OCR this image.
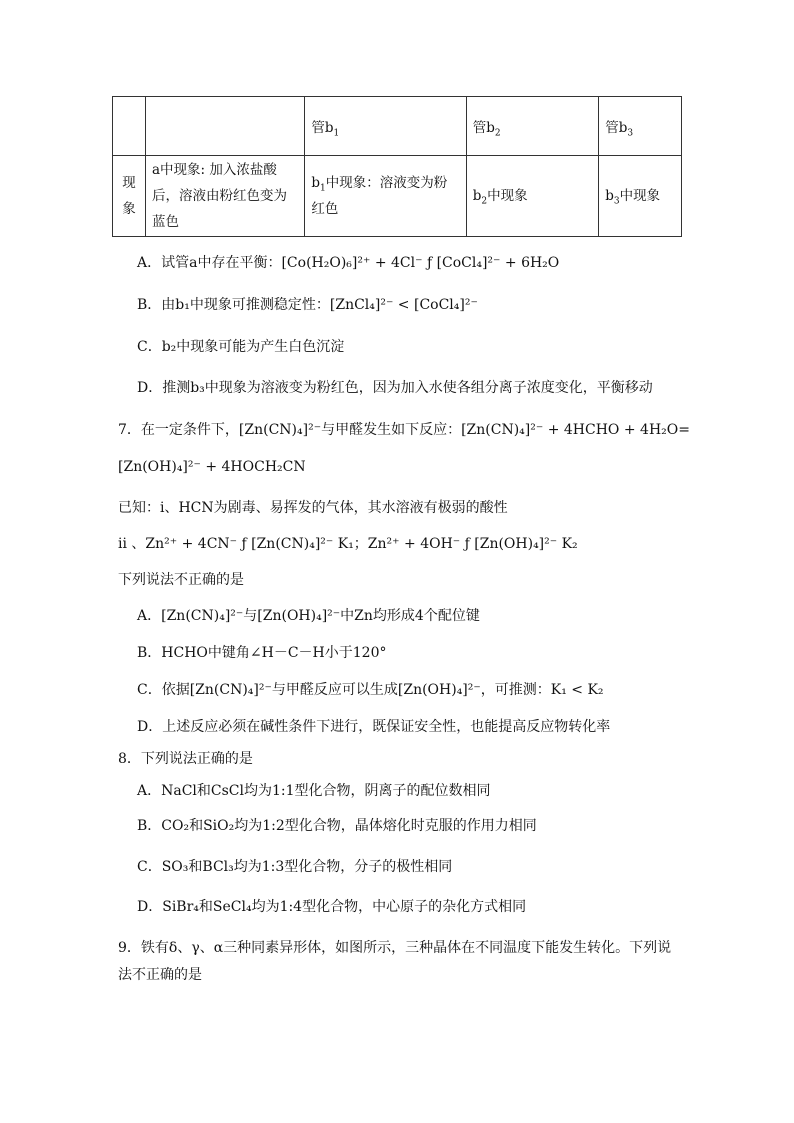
		管$b_1$	管$b_2$	管$b_3$
现象	a中现象: 加入浓盐酸后，溶液由粉红色变为蓝色	$b_1$中现象：溶液变为粉红色	$b_2$中现象	$b_3$中现象
A．试管a中存在平衡：[Co(H₂O)₆]²⁺ + 4Cl⁻ ƒ [CoCl₄]²⁻ + 6H₂O
B．由b₁中现象可推测稳定性：[ZnCl₄]²⁻ < [CoCl₄]²⁻
C．b₂中现象可能为产生白色沉淀
D．推测b₃中现象为溶液变为粉红色，因为加入水使各组分离子浓度变化，平衡移动
7．在一定条件下，[Zn(CN)₄]²⁻与甲醛发生如下反应：[Zn(CN)₄]²⁻ + 4HCHO + 4H₂O=
[Zn(OH)₄]²⁻ + 4HOCH₂CN
已知：i、HCN为剧毒、易挥发的气体，其水溶液有极弱的酸性
ii 、Zn²⁺ + 4CN⁻ ƒ [Zn(CN)₄]²⁻ K₁；Zn²⁺ + 4OH⁻ ƒ [Zn(OH)₄]²⁻ K₂
下列说法不正确的是
A．[Zn(CN)₄]²⁻与[Zn(OH)₄]²⁻中Zn均形成4个配位键
B．HCHO中键角∠H－C－H小于120°
C．依据[Zn(CN)₄]²⁻与甲醛反应可以生成[Zn(OH)₄]²⁻，可推测：K₁ < K₂
D．上述反应必须在碱性条件下进行，既保证安全性，也能提高反应物转化率
8．下列说法正确的是
A．NaCl和CsCl均为1:1型化合物，阴离子的配位数相同
B．CO₂和SiO₂均为1:2型化合物，晶体熔化时克服的作用力相同
C．SO₃和BCl₃均为1:3型化合物，分子的极性相同
D．SiBr₄和SeCl₄均为1:4型化合物，中心原子的杂化方式相同
9．铁有δ、γ、α三种同素异形体，如图所示，三种晶体在不同温度下能发生转化。下列说
法不正确的是
